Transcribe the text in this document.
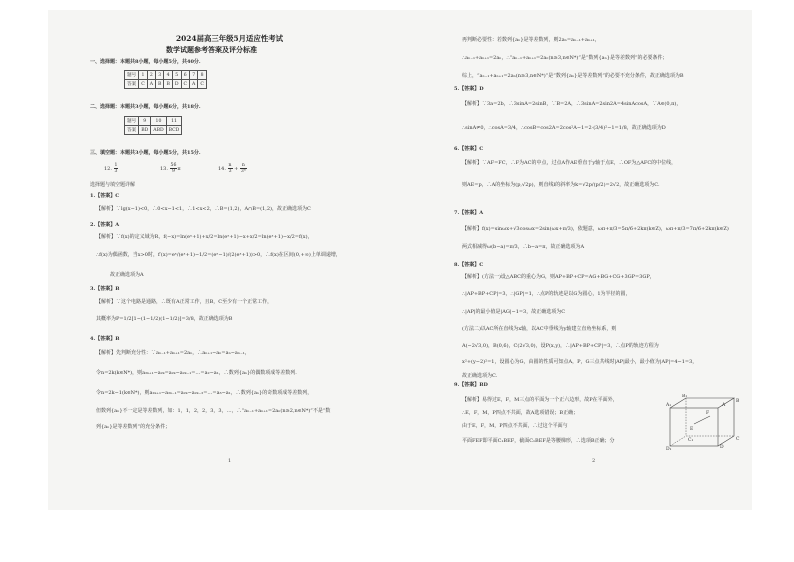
2024届高三年级5月适应性考试
数学试题参考答案及评分标准
一、选择题：本题共8小题，每小题5分，共40分.
题号	1	2	3	4	5	6	7	8
答案	C	A	B	B	D	C	A	C
二、选择题：本题共3小题，每小题6分，共18分.
题号	9	10	11
答案	BD	ABD	BCD
三、填空题：本题共3小题，每小题5分，共15分.
12. $\frac{1}{3}$	13. $\frac{56}{9}$ π	14. $\frac{n}{3} + \frac{n}{\text{3ⁿ}}$
选择题与填空题详解
1.【答案】C
【解析】∵lg(x−1)<0，∴0<x−1<1，∴1<x<2，∴B=(1,2)，A∩B=(1,2)，故正确选项为C
2.【答案】A
【解析】∵f(x)的定义域为R，f(−x)=ln(eˣ+1)+x/2=ln(eˣ+1)−x+x/2=ln(eˣ+1)−x/2=f(x)，
∴f(x)为偶函数，当x>0时，f′(x)=eˣ/(eˣ+1)−1/2=(eˣ−1)/(2(eˣ+1))>0，∴f(x)在区间(0,+∞)上单调递增，
故正确选项为A
3.【答案】B
【解析】∵这个电路是通路，∴既有A正常工作，且B，C至少有一个正常工作，
其概率为P=1/2[1−(1−1/2)(1−1/2)]=3/8，故正确选项为B
4.【答案】B
【解析】先判断充分性：∵aₙ₋₁+aₙ₊₁=2aₙ，∴aₙ₊₁−aₙ=aₙ−aₙ₋₁，
令n=2k(k∈N*)，则a₂ₖ₊₁−a₂ₖ=a₂ₖ−a₂ₖ₋₁=…=a₂−a₁，∴数列{aₙ}的偶数项成等差数列.
令n=2k−1(k∈N*)，则a₂ₖ₊₁−a₂ₖ₋₁=a₂ₖ−a₂ₖ₋₂=…=a₃−a₁，∴数列{aₙ}的奇数项成等差数列，
但数列{aₙ}不一定是等差数列，如：1，1，2，2，3，3，…，∴“aₙ₋₁+aₙ₊₁=2aₙ(n≥2,n∈N*)”不是“数
列{aₙ}是等差数列”的充分条件；
1
再判断必要性：若数列{aₙ}是等差数列，则2aₙ=aₙ₋₁+aₙ₊₁，
∴aₙ₋₁+aₙ₊₁=2aₙ，∴“aₙ₋₁+aₙ₊₁=2aₙ(n≥3,n∈N*)”是“数列{aₙ}是等差数列”的必要条件；
综上，“aₙ₋₁+aₙ₊₁=2aₙ(n≥3,n∈N*)”是“数列{aₙ}是等差数列”的必要不充分条件，故正确选项为B
5.【答案】D
【解析】∵3a=2b，∴3sinA=2sinB，∵B=2A，∴3sinA=2sin2A=4sinAcosA，∵A∈(0,π)，
∴sinA≠0，∴cosA=3/4，∴cosB=cos2A=2cos²A−1=2·(3/4)²−1=1/8，故正确选项为D
6.【答案】C
【解析】∵AF=FC，∴F为AC的中点，过点A作AE垂直于y轴于点E，∴OF为△AFC的中位线，
则AE=p，∴A的坐标为(p,√2p)，则直线l的斜率为k=√2p/(p/2)=2√2，故正确选项为C.
7.【答案】A
【解析】f(x)=sinωx+√3cosωx=2sin(ωx+π/3)，依题意，ωπ+π/3=5π/6+2kπ(k∈Z)，ωπ+π/3=7π/6+2kπ(k∈Z)
两式相减得ω(b−a)=π/3，∴b−a=π，故正确选项为A
8.【答案】C
【解析】(方法一)设△ABC的重心为G，则AP+BP+CP=AG+BG+CG+3GP=3GP，
∴|AP+BP+CP|=3，∴|GP|=1，∴点P的轨迹是以G为圆心，1为半径的圆，
∴|AP|的最小值是|AG|−1=3，故正确选项为C
(方法二)以AC所在直线为x轴，以AC中垂线为y轴建立直角坐标系，则
A(−2√3,0)，B(0,6)，C(2√3,0)，设P(x,y)，∴|AP+BP+CP|=3，∴点P的轨迹方程为
x²+(y−2)²=1，设圆心为G，由圆的性质可知点A，P，G三点共线时|AP|最小，最小值为|AP|=4−1=3，
故正确选项为C.
9.【答案】BD
【解析】易得过E，F，M三点的平面为一个正六边形，故P在平面外，
∴E，F，M，P四点不共面，故A选项错误；B正确；
由于E，F，M，P四点不共面，∴过这个平面与
平面FEF即平面C₁BEF，截面C₁BEF是等腰梯形，∴选项B正确；分
A
B
C
D
E
F
A₁
B₁
C₁
D₁
2
